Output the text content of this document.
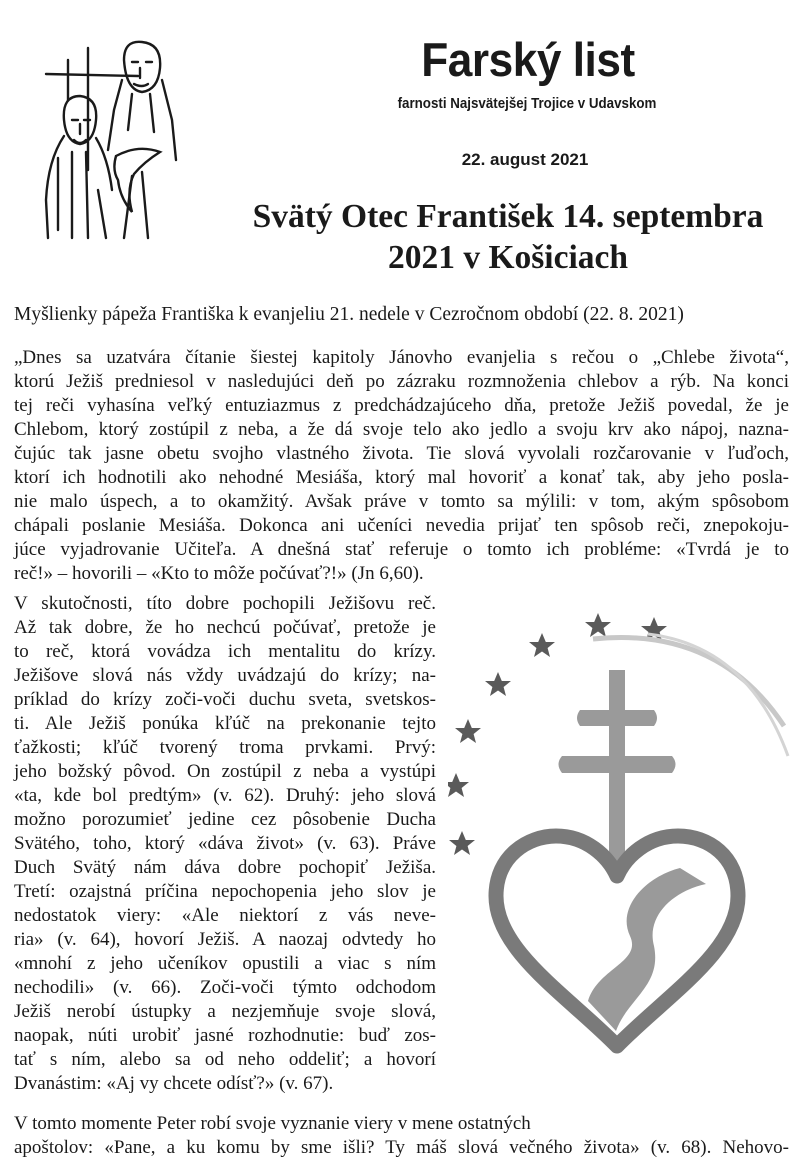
Farský list
farnosti Najsvätejšej Trojice v Udavskom
22. august 2021
Svätý Otec František 14. septembra
2021 v Košiciach
Myšlienky pápeža Františka k evanjeliu 21. nedele v Cezročnom období (22. 8. 2021)
„Dnes sa uzatvára čítanie šiestej kapitoly Jánovho evanjelia s rečou o „Chlebe života“,
ktorú Ježiš predniesol v nasledujúci deň po zázraku rozmnoženia chlebov a rýb. Na konci
tej reči vyhasína veľký entuziazmus z predchádzajúceho dňa, pretože Ježiš povedal, že je
Chlebom, ktorý zostúpil z neba, a že dá svoje telo ako jedlo a svoju krv ako nápoj, nazna-
čujúc tak jasne obetu svojho vlastného života. Tie slová vyvolali rozčarovanie v ľuďoch,
ktorí ich hodnotili ako nehodné Mesiáša, ktorý mal hovoriť a konať tak, aby jeho posla-
nie malo úspech, a to okamžitý. Avšak práve v tomto sa mýlili: v tom, akým spôsobom
chápali poslanie Mesiáša. Dokonca ani učeníci nevedia prijať ten spôsob reči, znepokoju-
júce vyjadrovanie Učiteľa. A dnešná stať referuje o tomto ich probléme: «Tvrdá je to
reč!» – hovorili – «Kto to môže počúvať?!» (Jn 6,60).
V skutočnosti, títo dobre pochopili Ježišovu reč.
Až tak dobre, že ho nechcú počúvať, pretože je
to reč, ktorá vovádza ich mentalitu do krízy.
Ježišove slová nás vždy uvádzajú do krízy; na-
príklad do krízy zoči-voči duchu sveta, svetskos-
ti. Ale Ježiš ponúka kľúč na prekonanie tejto
ťažkosti; kľúč tvorený troma prvkami. Prvý:
jeho božský pôvod. On zostúpil z neba a vystúpi
«ta, kde bol predtým» (v. 62). Druhý: jeho slová
možno porozumieť jedine cez pôsobenie Ducha
Svätého, toho, ktorý «dáva život» (v. 63). Práve
Duch Svätý nám dáva dobre pochopiť Ježiša.
Tretí: ozajstná príčina nepochopenia jeho slov je
nedostatok viery: «Ale niektorí z vás neve-
ria» (v. 64), hovorí Ježiš. A naozaj odvtedy ho
«mnohí z jeho učeníkov opustili a viac s ním
nechodili» (v. 66). Zoči-voči týmto odchodom
Ježiš nerobí ústupky a nezjemňuje svoje slová,
naopak, núti urobiť jasné rozhodnutie: buď zos-
tať s ním, alebo sa od neho oddeliť; a hovorí
Dvanástim: «Aj vy chcete odísť?» (v. 67).
V tomto momente Peter robí svoje vyznanie viery v mene ostatných
apoštolov: «Pane, a ku komu by sme išli? Ty máš slová večného života» (v. 68). Nehovo-
